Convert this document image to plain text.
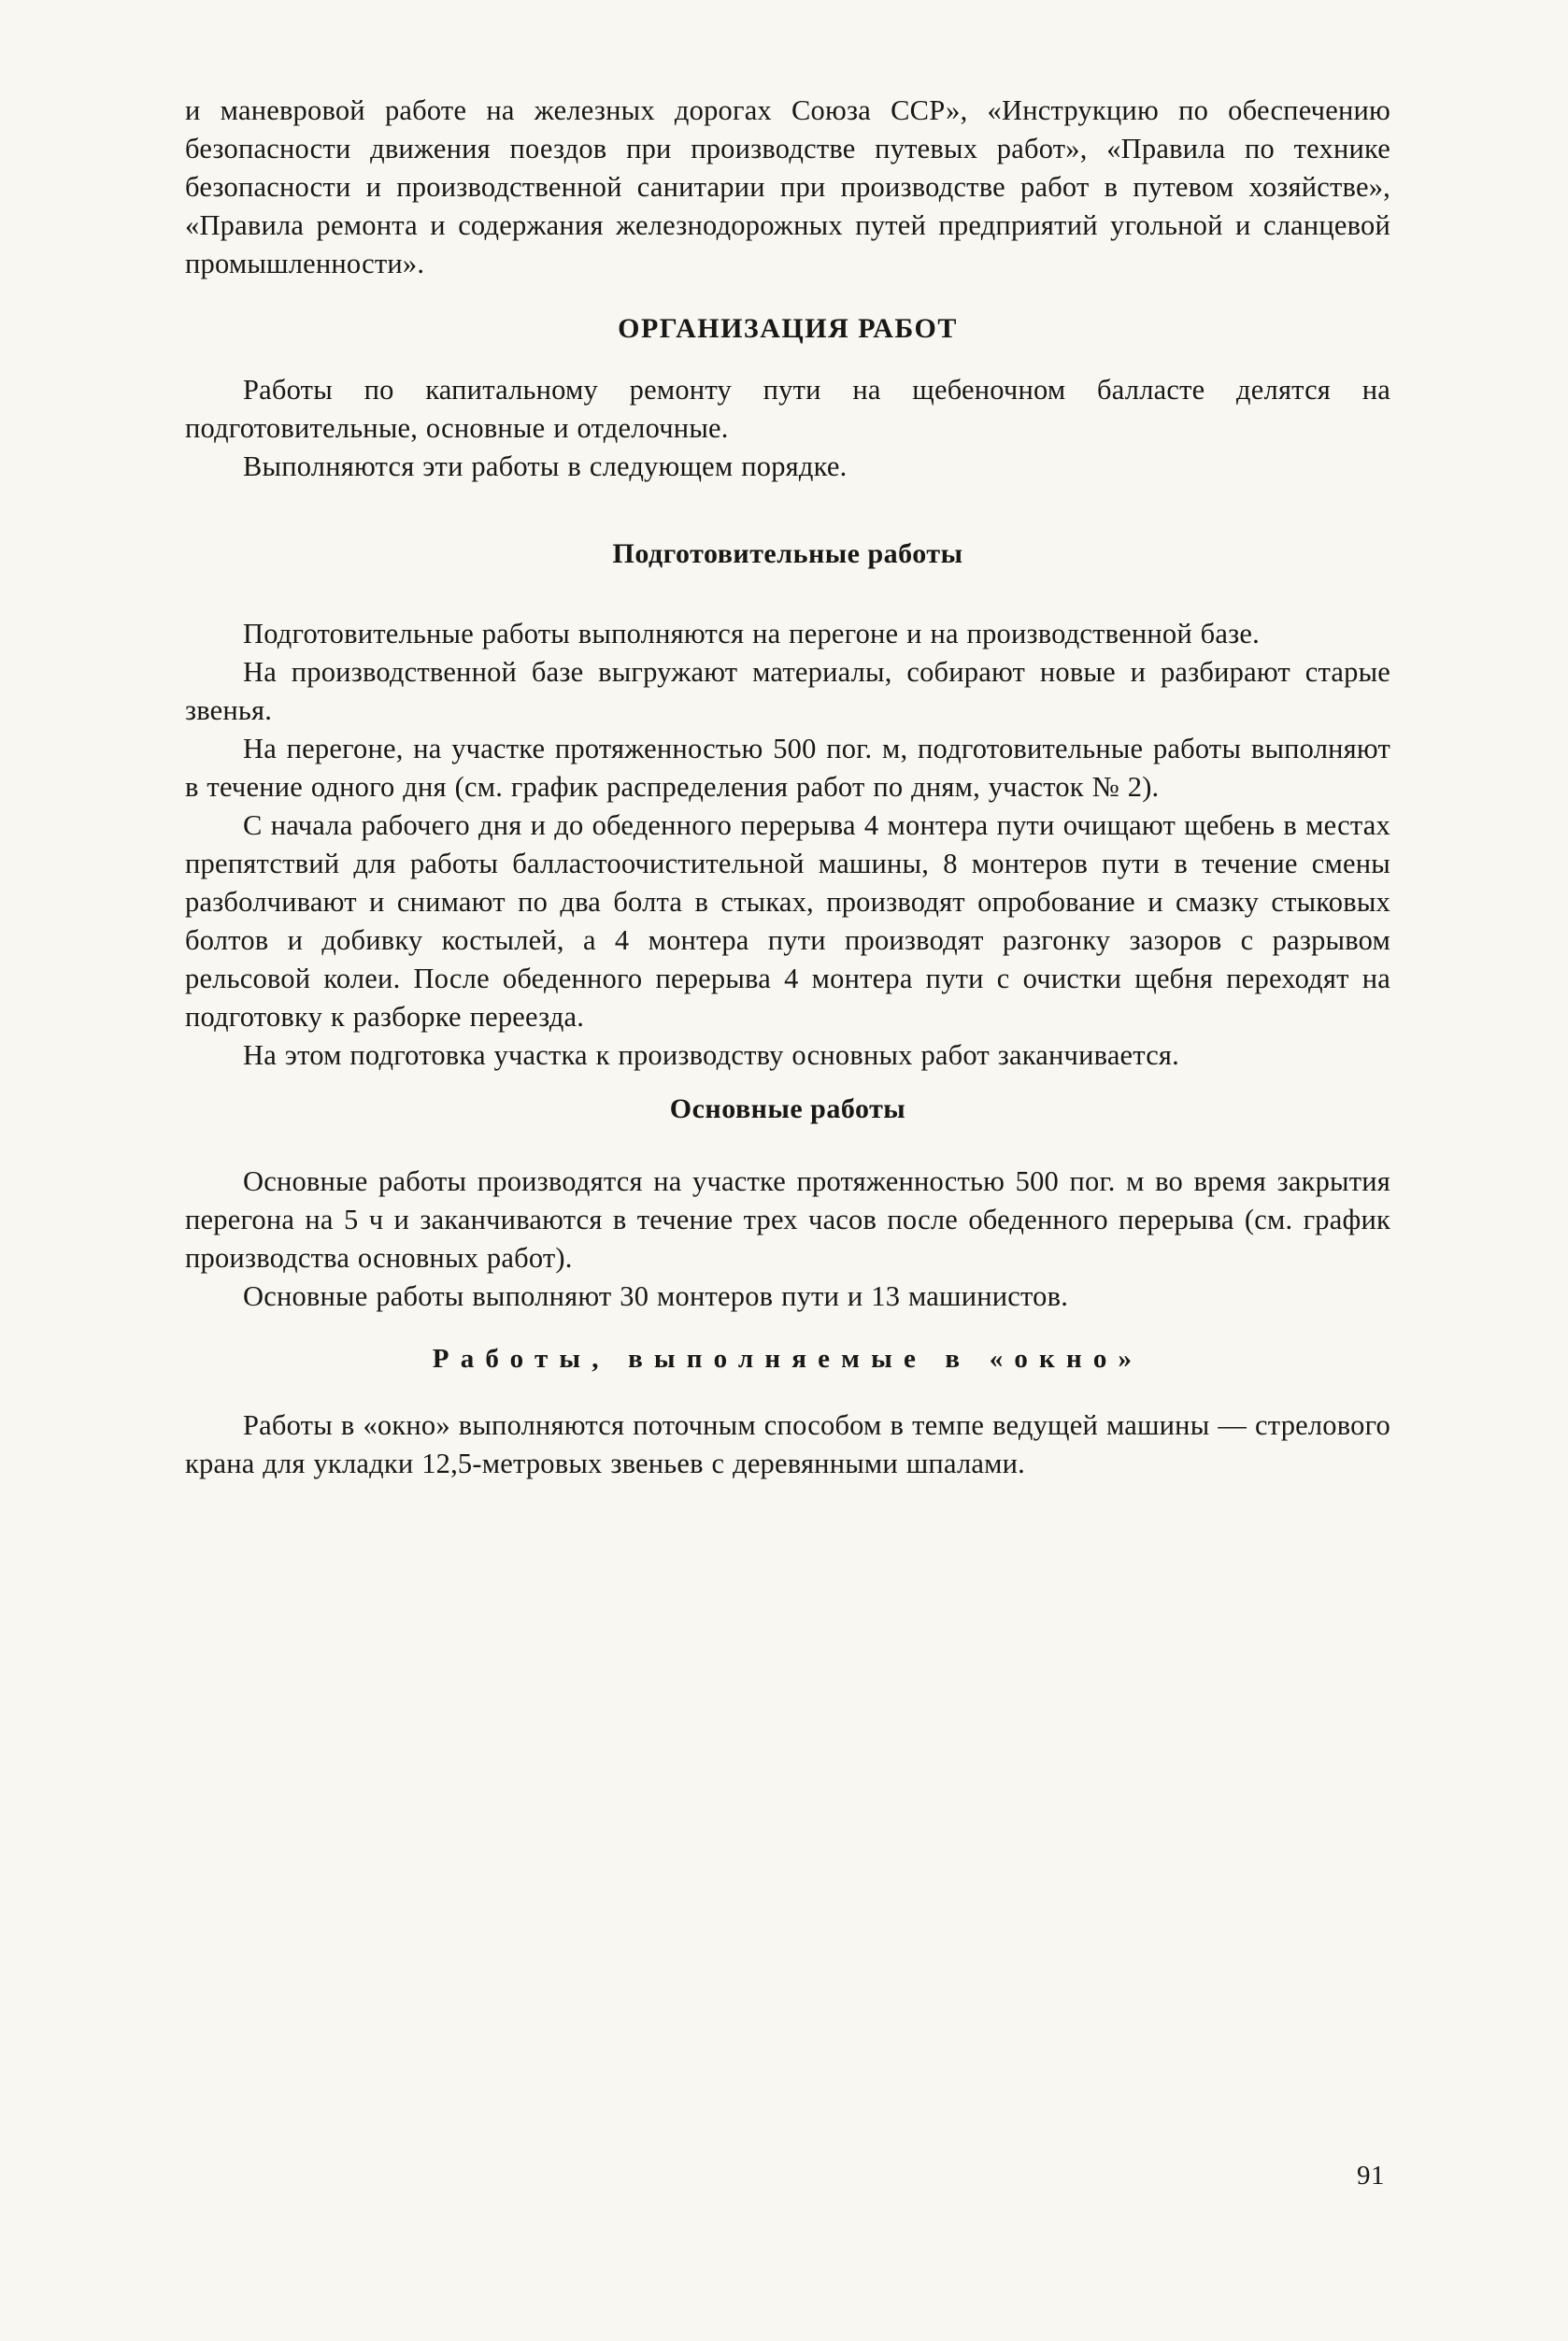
и маневровой работе на железных дорогах Союза ССР», «Инструкцию по обеспечению безопасности движения поездов при производстве путевых работ», «Правила по технике безопасности и производственной санитарии при производстве работ в путевом хозяйстве», «Правила ремонта и содержания железнодорожных путей предприятий угольной и сланцевой промышленности».

ОРГАНИЗАЦИЯ РАБОТ

Работы по капитальному ремонту пути на щебеночном балласте делятся на подготовительные, основные и отделочные.

Выполняются эти работы в следующем порядке.

Подготовительные работы

Подготовительные работы выполняются на перегоне и на производственной базе.

На производственной базе выгружают материалы, собирают новые и разбирают старые звенья.

На перегоне, на участке протяженностью 500 пог. м, подготовительные работы выполняют в течение одного дня (см. график распределения работ по дням, участок № 2).

С начала рабочего дня и до обеденного перерыва 4 монтера пути очищают щебень в местах препятствий для работы балластоочистительной машины, 8 монтеров пути в течение смены разболчивают и снимают по два болта в стыках, производят опробование и смазку стыковых болтов и добивку костылей, а 4 монтера пути производят разгонку зазоров с разрывом рельсовой колеи. После обеденного перерыва 4 монтера пути с очистки щебня переходят на подготовку к разборке переезда.

На этом подготовка участка к производству основных работ заканчивается.

Основные работы

Основные работы производятся на участке протяженностью 500 пог. м во время закрытия перегона на 5 ч и заканчиваются в течение трех часов после обеденного перерыва (см. график производства основных работ).

Основные работы выполняют 30 монтеров пути и 13 машинистов.

Работы, выполняемые в «окно»

Работы в «окно» выполняются поточным способом в темпе ведущей машины — стрелового крана для укладки 12,5-метровых звеньев с деревянными шпалами.

91
